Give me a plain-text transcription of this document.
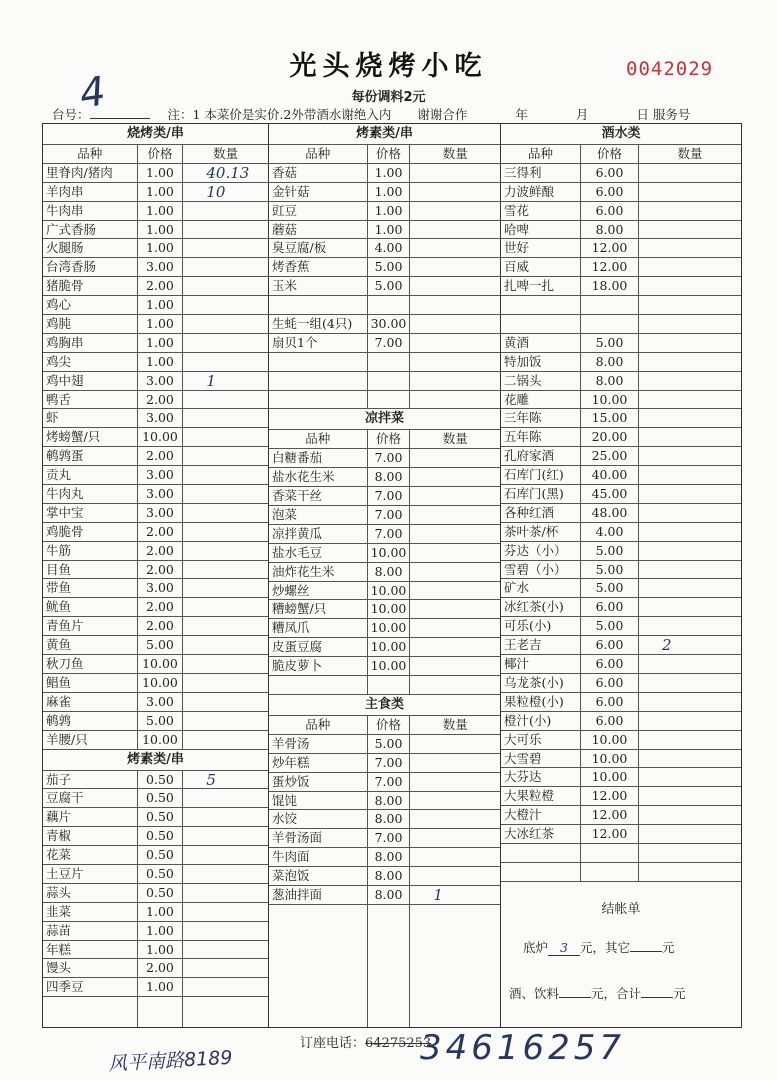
光头烧烤小吃	0042029
每份调料2元
台号：	注：1 本菜价是实价.2外带酒水谢绝入内 谢谢合作	年	月	日 服务号
4
烧烤类/串
品种	价格	数量
里脊肉/猪肉	1.00	40.13
羊肉串	1.00	10
牛肉串	1.00
广式香肠	1.00
火腿肠	1.00
台湾香肠	3.00
猪脆骨	2.00
鸡心	1.00
鸡肫	1.00
鸡胸串	1.00
鸡尖	1.00
鸡中翅	3.00	1
鸭舌	2.00
虾	3.00
烤螃蟹/只	10.00
鹌鹑蛋	2.00
贡丸	3.00
牛肉丸	3.00
掌中宝	3.00
鸡脆骨	2.00
牛筋	2.00
目鱼	2.00
带鱼	3.00
鱿鱼	2.00
青鱼片	2.00
黄鱼	5.00
秋刀鱼	10.00
鲳鱼	10.00
麻雀	3.00
鹌鹑	5.00
羊腰/只	10.00
烤素类/串
茄子	0.50	5
豆腐干	0.50
藕片	0.50
青椒	0.50
花菜	0.50
土豆片	0.50
蒜头	0.50
韭菜	1.00
蒜苗	1.00
年糕	1.00
馒头	2.00
四季豆	1.00
烤素类/串
品种	价格	数量
香菇	1.00
金针菇	1.00
豇豆	1.00
蘑菇	1.00
臭豆腐/板	4.00
烤香蕉	5.00
玉米	5.00
生蚝一组(4只)	30.00
扇贝1个	7.00
凉拌菜
品种	价格	数量
白糖番茄	7.00
盐水花生米	8.00
香菜干丝	7.00
泡菜	7.00
凉拌黄瓜	7.00
盐水毛豆	10.00
油炸花生米	8.00
炒螺丝	10.00
糟螃蟹/只	10.00
糟凤爪	10.00
皮蛋豆腐	10.00
脆皮萝卜	10.00
主食类
品种	价格	数量
羊骨汤	5.00
炒年糕	7.00
蛋炒饭	7.00
馄饨	8.00
水饺	8.00
羊骨汤面	7.00
牛肉面	8.00
菜泡饭	8.00
葱油拌面	8.00	1
酒水类
品种	价格	数量
三得利	6.00
力波鲜酿	6.00
雪花	6.00
哈啤	8.00
世好	12.00
百威	12.00
扎啤一扎	18.00
黄酒	5.00
特加饭	8.00
二锅头	8.00
花雕	10.00
三年陈	15.00
五年陈	20.00
孔府家酒	25.00
石库门(红)	40.00
石库门(黑)	45.00
各种红酒	48.00
茶叶茶/杯	4.00
芬达（小）	5.00
雪碧（小）	5.00
矿水	5.00
冰红茶(小)	6.00
可乐(小)	5.00
王老吉	6.00	2
椰汁	6.00
乌龙茶(小)	6.00
果粒橙(小)	6.00
橙汁(小)	6.00
大可乐	10.00
大雪碧	10.00
大芬达	10.00
大果粒橙	12.00
大橙汁	12.00
大冰红茶	12.00
结帐单
底炉 3 元，其它	元
酒、饮料	元，合计	元
订座电话：64275253
34616257
风平南路8189
